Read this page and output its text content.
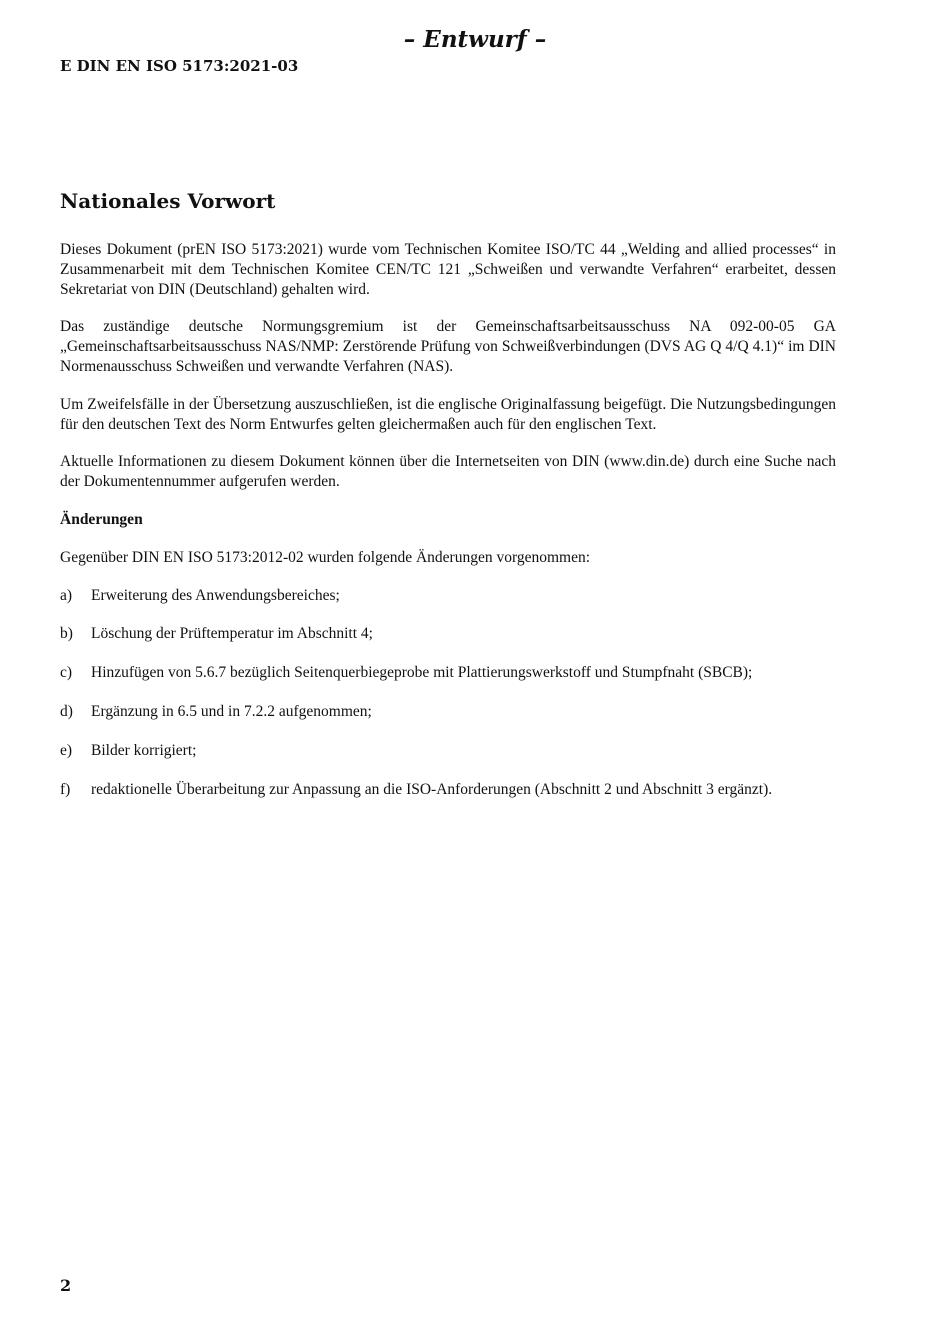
– Entwurf –
E DIN EN ISO 5173:2021-03
Nationales Vorwort

Dieses Dokument (prEN ISO 5173:2021) wurde vom Technischen Komitee ISO/TC 44 „Welding and allied processes“ in Zusammenarbeit mit dem Technischen Komitee CEN/TC 121 „Schweißen und verwandte Verfahren“ erarbeitet, dessen Sekretariat von DIN (Deutschland) gehalten wird.

Das zuständige deutsche Normungsgremium ist der Gemeinschaftsarbeitsausschuss NA 092-00-05 GA „Gemeinschaftsarbeitsausschuss NAS/NMP: Zerstörende Prüfung von Schweißverbindungen (DVS AG Q 4/Q 4.1)“ im DIN Normenausschuss Schweißen und verwandte Verfahren (NAS).

Um Zweifelsfälle in der Übersetzung auszuschließen, ist die englische Originalfassung beigefügt. Die Nutzungsbedingungen für den deutschen Text des Norm Entwurfes gelten gleichermaßen auch für den englischen Text.

Aktuelle Informationen zu diesem Dokument können über die Internetseiten von DIN (www.din.de) durch eine Suche nach der Dokumentennummer aufgerufen werden.

Änderungen

Gegenüber DIN EN ISO 5173:2012-02 wurden folgende Änderungen vorgenommen:

a)	Erweiterung des Anwendungsbereiches;
b)	Löschung der Prüftemperatur im Abschnitt 4;
c)	Hinzufügen von 5.6.7 bezüglich Seitenquerbiegeprobe mit Plattierungswerkstoff und Stumpfnaht (SBCB);
d)	Ergänzung in 6.5 und in 7.2.2 aufgenommen;
e)	Bilder korrigiert;
f)	redaktionelle Überarbeitung zur Anpassung an die ISO-Anforderungen (Abschnitt 2 und Abschnitt 3 ergänzt).
2
